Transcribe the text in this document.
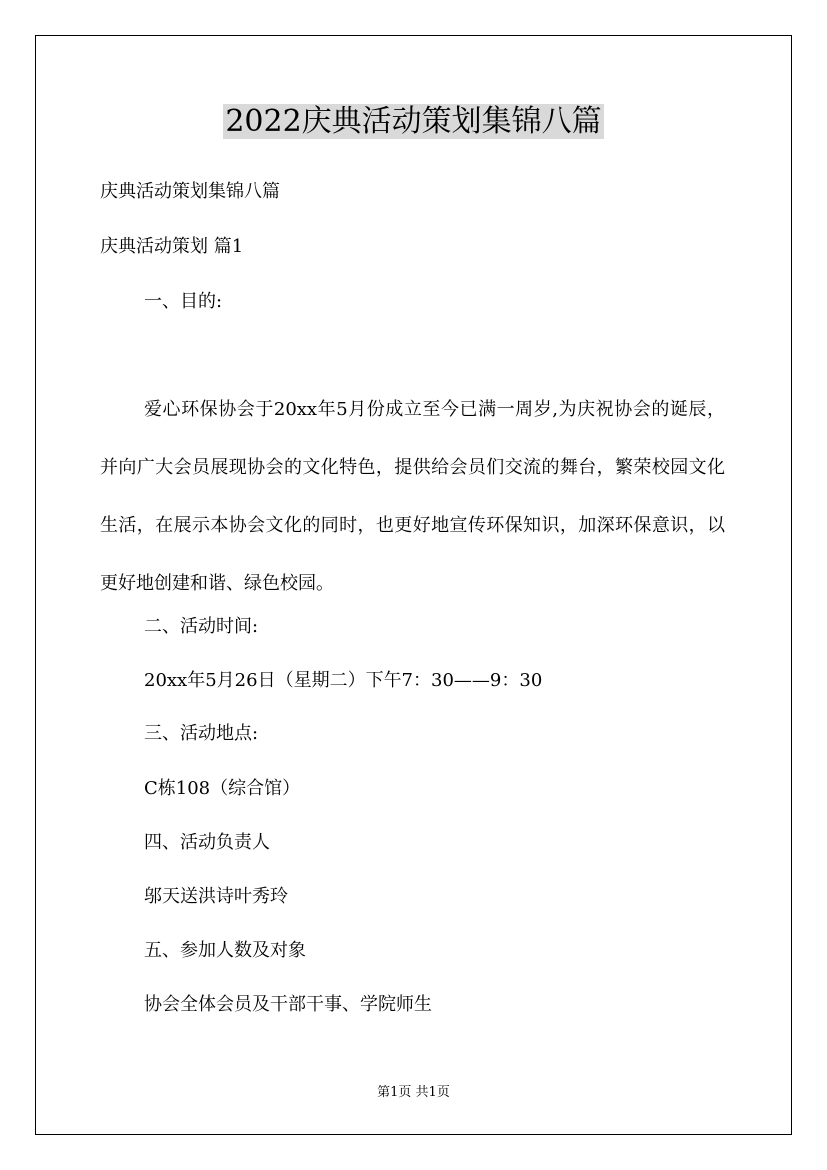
2022庆典活动策划集锦八篇
庆典活动策划集锦八篇
庆典活动策划 篇1
一、目的:
爱心环保协会于20xx年5月份成立至今已满一周岁,为庆祝协会的诞辰，并向广大会员展现协会的文化特色，提供给会员们交流的舞台，繁荣校园文化生活，在展示本协会文化的同时，也更好地宣传环保知识，加深环保意识，以更好地创建和谐、绿色校园。
二、活动时间:
20xx年5月26日（星期二）下午7：30——9：30
三、活动地点:
C栋108（综合馆）
四、活动负责人
邬天送洪诗叶秀玲
五、参加人数及对象
协会全体会员及干部干事、学院师生
第1页 共1页
